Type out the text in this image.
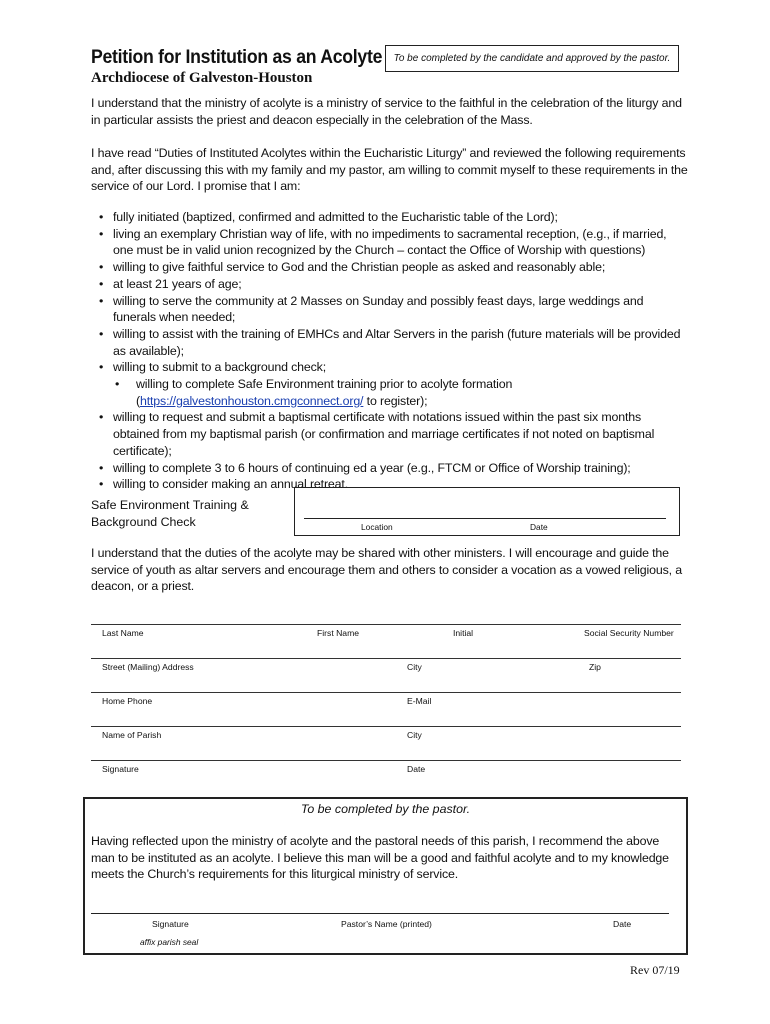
Petition for Institution as an Acolyte To be completed by the candidate and approved by the pastor.
Archdiocese of Galveston-Houston
I understand that the ministry of acolyte is a ministry of service to the faithful in the celebration of the liturgy and in particular assists the priest and deacon especially in the celebration of the Mass.
I have read “Duties of Instituted Acolytes within the Eucharistic Liturgy” and reviewed the following requirements and, after discussing this with my family and my pastor, am willing to commit myself to these requirements in the service of our Lord. I promise that I am:
• fully initiated (baptized, confirmed and admitted to the Eucharistic table of the Lord);
• living an exemplary Christian way of life, with no impediments to sacramental reception, (e.g., if married, one must be in valid union recognized by the Church – contact the Office of Worship with questions)
• willing to give faithful service to God and the Christian people as asked and reasonably able;
• at least 21 years of age;
• willing to serve the community at 2 Masses on Sunday and possibly feast days, large weddings and funerals when needed;
• willing to assist with the training of EMHCs and Altar Servers in the parish (future materials will be provided as available);
• willing to submit to a background check;
• willing to complete Safe Environment training prior to acolyte formation
(https://galvestonhouston.cmgconnect.org/ to register);
• willing to request and submit a baptismal certificate with notations issued within the past six months obtained from my baptismal parish (or confirmation and marriage certificates if not noted on baptismal certificate);
• willing to complete 3 to 6 hours of continuing ed a year (e.g., FTCM or Office of Worship training);
• willing to consider making an annual retreat.
Safe Environment Training &
Background Check	Location	Date
I understand that the duties of the acolyte may be shared with other ministers. I will encourage and guide the service of youth as altar servers and encourage them and others to consider a vocation as a vowed religious, a deacon, or a priest.
Last Name	First Name	Initial	Social Security Number
Street (Mailing) Address	City	Zip
Home Phone	E-Mail
Name of Parish	City
Signature	Date
To be completed by the pastor.
Having reflected upon the ministry of acolyte and the pastoral needs of this parish, I recommend the above man to be instituted as an acolyte. I believe this man will be a good and faithful acolyte and to my knowledge meets the Church’s requirements for this liturgical ministry of service.
Signature	Pastor’s Name (printed)	Date
affix parish seal
Rev 07/19
